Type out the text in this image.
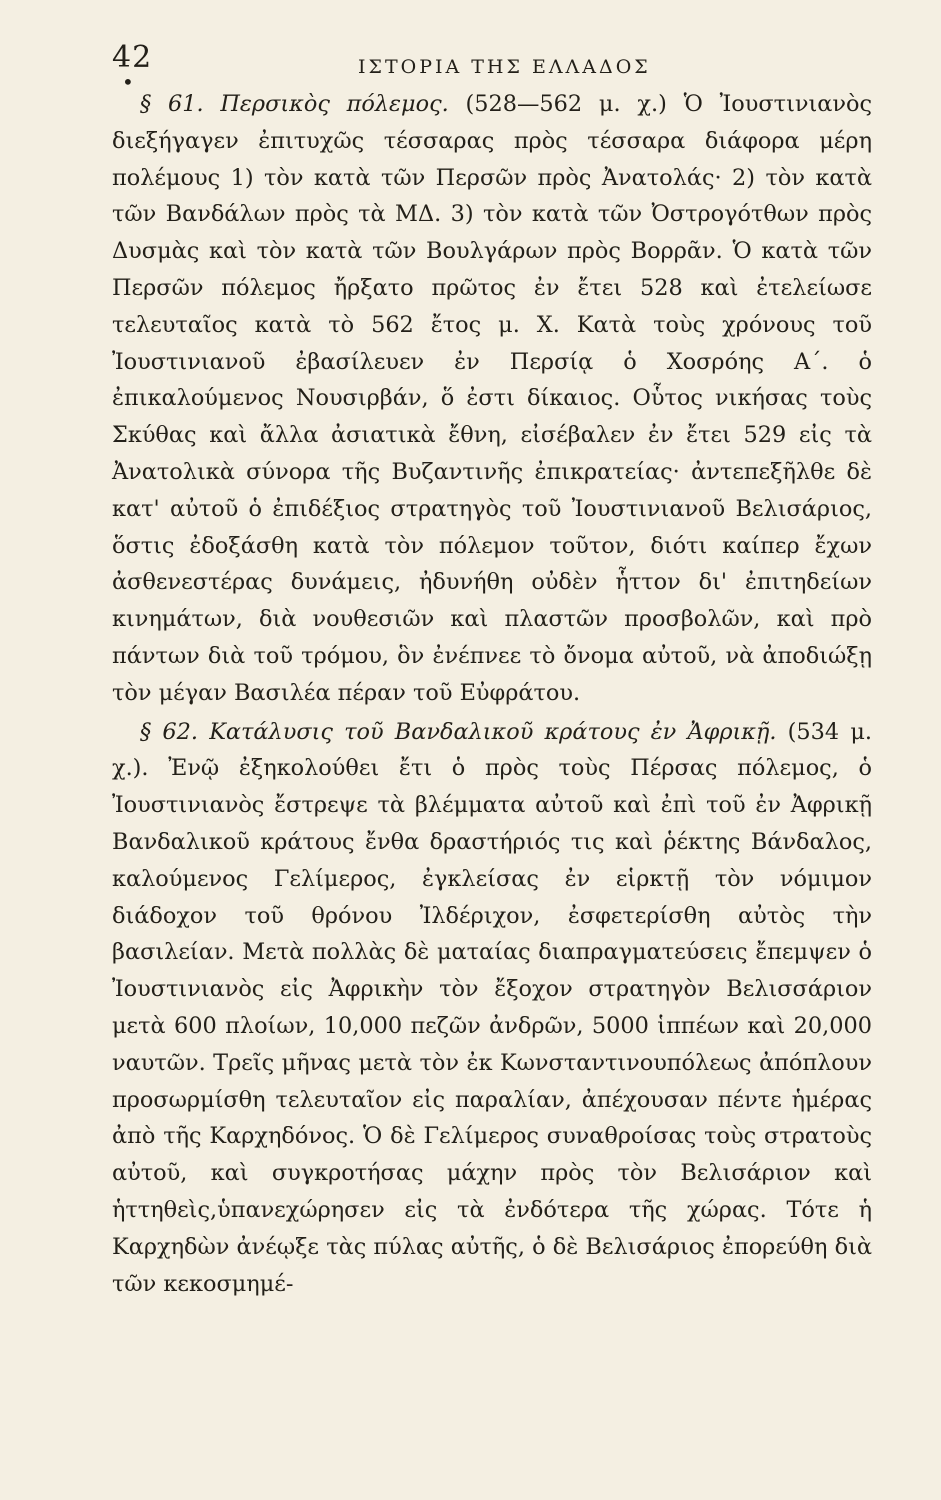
42
•
ΙΣΤΟΡΙΑ ΤΗΣ ΕΛΛΑΔΟΣ

§ 61. Περσικὸς πόλεμος. (528—562 μ. χ.) Ὁ Ἰουστινιανὸς διεξήγαγεν ἐπιτυχῶς τέσσαρας πρὸς τέσσαρα διάφορα μέρη πολέμους 1) τὸν κατὰ τῶν Περσῶν πρὸς Ἀνατολάς· 2) τὸν κατὰ τῶν Βανδάλων πρὸς τὰ ΜΔ. 3) τὸν κατὰ τῶν Ὀστρογότθων πρὸς Δυσμὰς καὶ τὸν κατὰ τῶν Βουλγάρων πρὸς Βορρᾶν. Ὁ κατὰ τῶν Περσῶν πόλεμος ἤρξατο πρῶτος ἐν ἔτει 528 καὶ ἐτελείωσε τελευταῖος κατὰ τὸ 562 ἔτος μ. Χ. Κατὰ τοὺς χρόνους τοῦ Ἰουστινιανοῦ ἐβασίλευεν ἐν Περσίᾳ ὁ Χοσρόης Α΄. ὁ ἐπικαλούμενος Νουσιρβάν, ὅ ἐστι δίκαιος. Οὗτος νικήσας τοὺς Σκύθας καὶ ἄλλα ἀσιατικὰ ἔθνη, εἰσέβαλεν ἐν ἔτει 529 εἰς τὰ Ἀνατολικὰ σύνορα τῆς Βυζαντινῆς ἐπικρατείας· ἀντεπεξῆλθε δὲ κατ' αὐτοῦ ὁ ἐπιδέξιος στρατηγὸς τοῦ Ἰουστινιανοῦ Βελισάριος, ὅστις ἐδοξάσθη κατὰ τὸν πόλεμον τοῦτον, διότι καίπερ ἔχων ἀσθενεστέρας δυνάμεις, ἠδυνήθη οὐδὲν ἧττον δι' ἐπιτηδείων κινημάτων, διὰ νουθεσιῶν καὶ πλαστῶν προσβολῶν, καὶ πρὸ πάντων διὰ τοῦ τρόμου, ὃν ἐνέπνεε τὸ ὄνομα αὐτοῦ, νὰ ἀποδιώξῃ τὸν μέγαν Βασιλέα πέραν τοῦ Εὐφράτου.

§ 62. Κατάλυσις τοῦ Βανδαλικοῦ κράτους ἐν Ἀφρικῇ. (534 μ. χ.). Ἐνῷ ἐξηκολούθει ἔτι ὁ πρὸς τοὺς Πέρσας πόλεμος, ὁ Ἰουστινιανὸς ἔστρεψε τὰ βλέμματα αὐτοῦ καὶ ἐπὶ τοῦ ἐν Ἀφρικῇ Βανδαλικοῦ κράτους ἔνθα δραστήριός τις καὶ ῥέκτης Βάνδαλος, καλούμενος Γελίμερος, ἐγκλείσας ἐν εἱρκτῇ τὸν νόμιμον διάδοχον τοῦ θρόνου Ἰλδέριχον, ἐσφετερίσθη αὐτὸς τὴν βασιλείαν. Μετὰ πολλὰς δὲ ματαίας διαπραγματεύσεις ἔπεμψεν ὁ Ἰουστινιανὸς εἰς Ἀφρικὴν τὸν ἔξοχον στρατηγὸν Βελισσάριον μετὰ 600 πλοίων, 10,000 πεζῶν ἀνδρῶν, 5000 ἱππέων καὶ 20,000 ναυτῶν. Τρεῖς μῆνας μετὰ τὸν ἐκ Κωνσταντινουπόλεως ἀπόπλουν προσωρμίσθη τελευταῖον εἰς παραλίαν, ἀπέχουσαν πέντε ἡμέρας ἀπὸ τῆς Καρχηδόνος. Ὁ δὲ Γελίμερος συναθροίσας τοὺς στρατοὺς αὐτοῦ, καὶ συγκροτήσας μάχην πρὸς τὸν Βελισάριον καὶ ἡττηθεὶς,ὑπανεχώρησεν εἰς τὰ ἐνδότερα τῆς χώρας. Τότε ἡ Καρχηδὼν ἀνέῳξε τὰς πύλας αὐτῆς, ὁ δὲ Βελισάριος ἐπορεύθη διὰ τῶν κεκοσμημέ-
